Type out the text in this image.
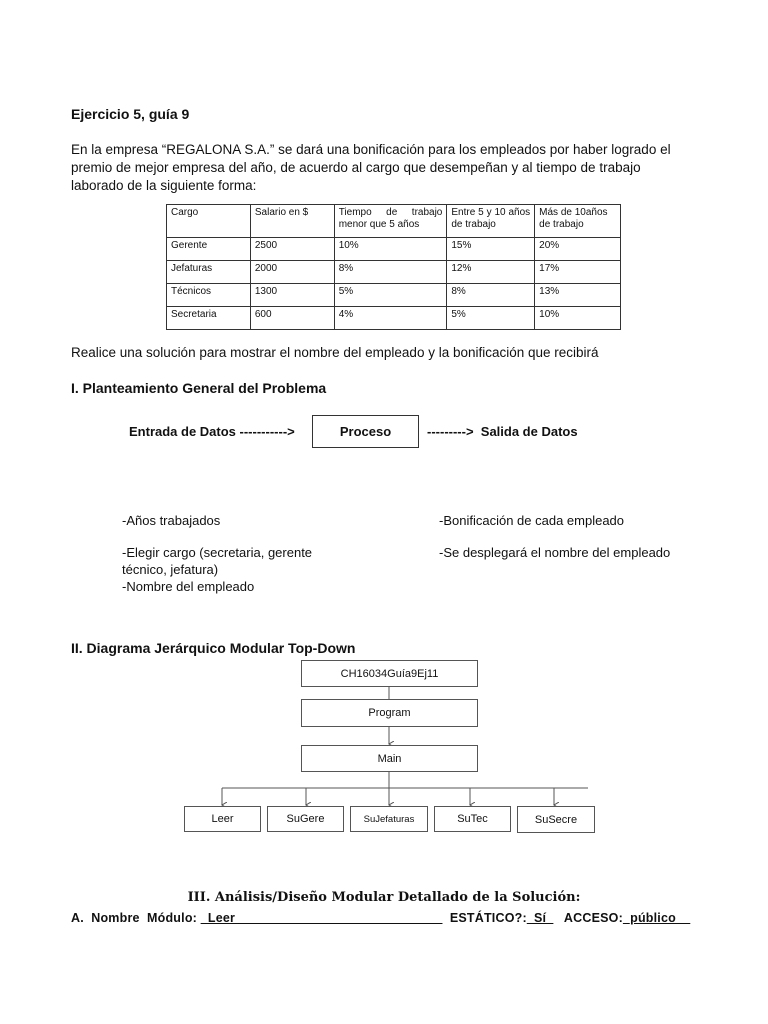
Ejercicio 5, guía 9
En la empresa “REGALONA S.A.” se dará una bonificación para los empleados por haber logrado el
premio de mejor empresa del año, de acuerdo al cargo que desempeñan y al tiempo de trabajo
laborado de la siguiente forma:
Cargo	Salario en $	Tiempo de trabajo menor que 5 años	Entre 5 y 10 años de trabajo	Más de 10años de trabajo
Gerente	2500	10%	15%	20%
Jefaturas	2000	8%	12%	17%
Técnicos	1300	5%	8%	13%
Secretaria	600	4%	5%	10%
Realice una solución para mostrar el nombre del empleado y la bonificación que recibirá
I. Planteamiento General del Problema
Entrada de Datos ----------->	Proceso	--------->  Salida de Datos
-Años trabajados
-Elegir cargo (secretaria, gerente
técnico, jefatura)
-Nombre del empleado
-Bonificación de cada empleado
-Se desplegará el nombre del empleado
II. Diagrama Jerárquico Modular Top-Down
CH16034Guía9Ej11
Program
Main
Leer	SuGere	SuJefaturas	SuTec	SuSecre
III. Análisis/Diseño Modular Detallado de la Solución:
A.  Nombre  Módulo: _Leer_____________________________ ESTÁTICO?:_Sí_ ACCESO:_público__
